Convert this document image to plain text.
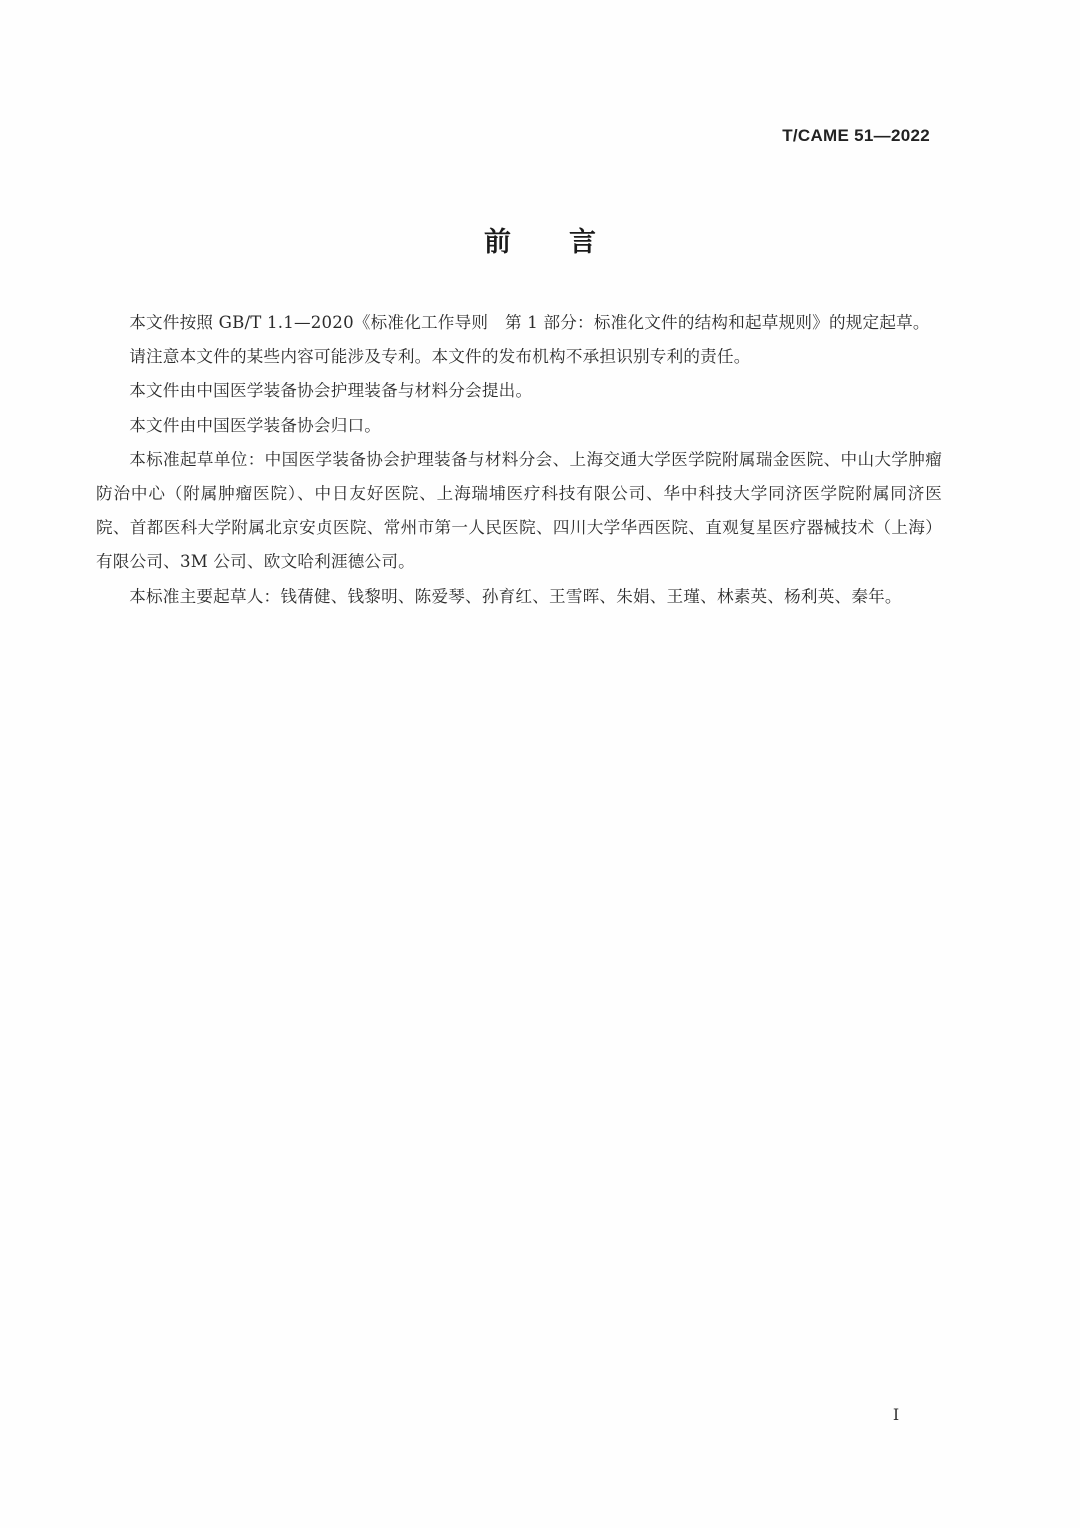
T/CAME 51—2022
前言

本文件按照 GB/T 1.1—2020《标准化工作导则　第 1 部分：标准化文件的结构和起草规则》的规定起草。

请注意本文件的某些内容可能涉及专利。本文件的发布机构不承担识别专利的责任。

本文件由中国医学装备协会护理装备与材料分会提出。

本文件由中国医学装备协会归口。

本标准起草单位：中国医学装备协会护理装备与材料分会、上海交通大学医学院附属瑞金医院、中山大学肿瘤防治中心（附属肿瘤医院）、中日友好医院、上海瑞埔医疗科技有限公司、华中科技大学同济医学院附属同济医院、首都医科大学附属北京安贞医院、常州市第一人民医院、四川大学华西医院、直观复星医疗器械技术（上海）有限公司、3M 公司、欧文哈利涯德公司。

本标准主要起草人：钱蒨健、钱黎明、陈爱琴、孙育红、王雪晖、朱娟、王瑾、林素英、杨利英、秦年。

I
